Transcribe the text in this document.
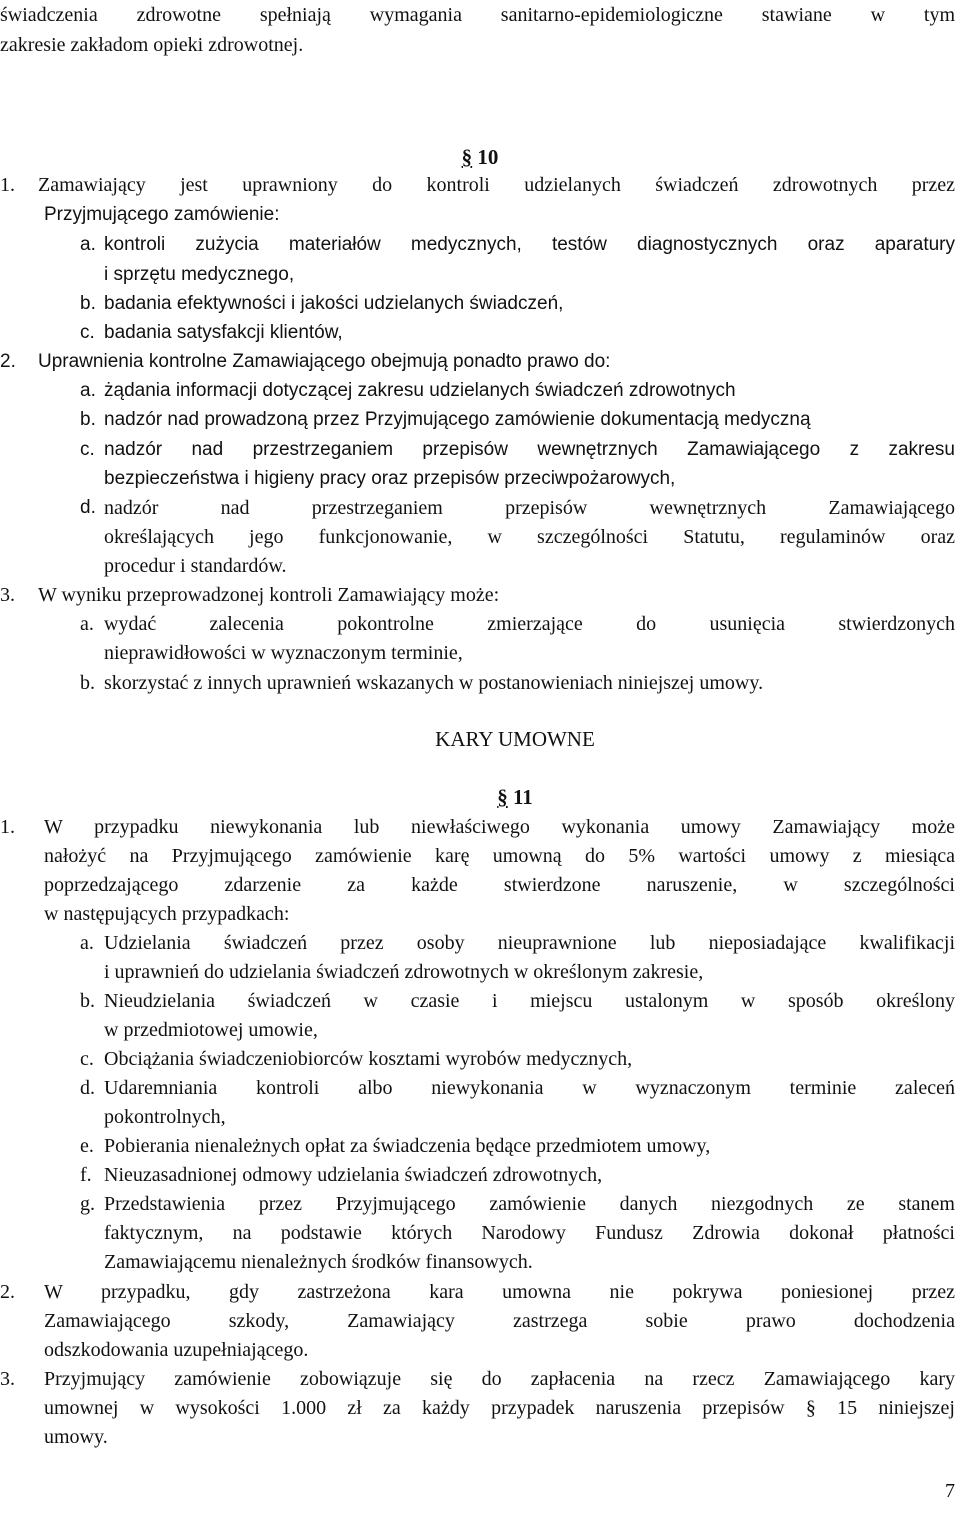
świadczenia zdrowotne spełniają wymagania sanitarno-epidemiologiczne stawiane w tym

zakresie zakładom opieki zdrowotnej.

§ 10

1. Zamawiający jest uprawniony do kontroli udzielanych świadczeń zdrowotnych przez

Przyjmującego zamówienie:

a. kontroli zużycia materiałów medycznych, testów diagnostycznych oraz aparatury

i sprzętu medycznego,

b. badania efektywności i jakości udzielanych świadczeń,

c. badania satysfakcji klientów,

2. Uprawnienia kontrolne Zamawiającego obejmują ponadto prawo do:

a. żądania informacji dotyczącej zakresu udzielanych świadczeń zdrowotnych

b. nadzór nad prowadzoną przez Przyjmującego zamówienie dokumentacją medyczną

c. nadzór nad przestrzeganiem przepisów wewnętrznych Zamawiającego z zakresu

bezpieczeństwa i higieny pracy oraz przepisów przeciwpożarowych,

d. nadzór nad przestrzeganiem przepisów wewnętrznych Zamawiającego

określających jego funkcjonowanie, w szczególności Statutu, regulaminów oraz

procedur i standardów.

3. W wyniku przeprowadzonej kontroli Zamawiający może:

a. wydać zalecenia pokontrolne zmierzające do usunięcia stwierdzonych

nieprawidłowości w wyznaczonym terminie,

b. skorzystać z innych uprawnień wskazanych w postanowieniach niniejszej umowy.

KARY UMOWNE

§ 11

1. W przypadku niewykonania lub niewłaściwego wykonania umowy Zamawiający może

nałożyć na Przyjmującego zamówienie karę umowną do 5% wartości umowy z miesiąca

poprzedzającego zdarzenie za każde stwierdzone naruszenie, w szczególności

w następujących przypadkach:

a. Udzielania świadczeń przez osoby nieuprawnione lub nieposiadające kwalifikacji

i uprawnień do udzielania świadczeń zdrowotnych w określonym zakresie,

b. Nieudzielania świadczeń w czasie i miejscu ustalonym w sposób określony

w przedmiotowej umowie,

c. Obciążania świadczeniobiorców kosztami wyrobów medycznych,

d. Udaremniania kontroli albo niewykonania w wyznaczonym terminie zaleceń

pokontrolnych,

e. Pobierania nienależnych opłat za świadczenia będące przedmiotem umowy,

f. Nieuzasadnionej odmowy udzielania świadczeń zdrowotnych,

g. Przedstawienia przez Przyjmującego zamówienie danych niezgodnych ze stanem

faktycznym, na podstawie których Narodowy Fundusz Zdrowia dokonał płatności

Zamawiającemu nienależnych środków finansowych.

2. W przypadku, gdy zastrzeżona kara umowna nie pokrywa poniesionej przez

Zamawiającego szkody, Zamawiający zastrzega sobie prawo dochodzenia

odszkodowania uzupełniającego.

3. Przyjmujący zamówienie zobowiązuje się do zapłacenia na rzecz Zamawiającego kary

umownej w wysokości 1.000 zł za każdy przypadek naruszenia przepisów § 15 niniejszej

umowy.

7
